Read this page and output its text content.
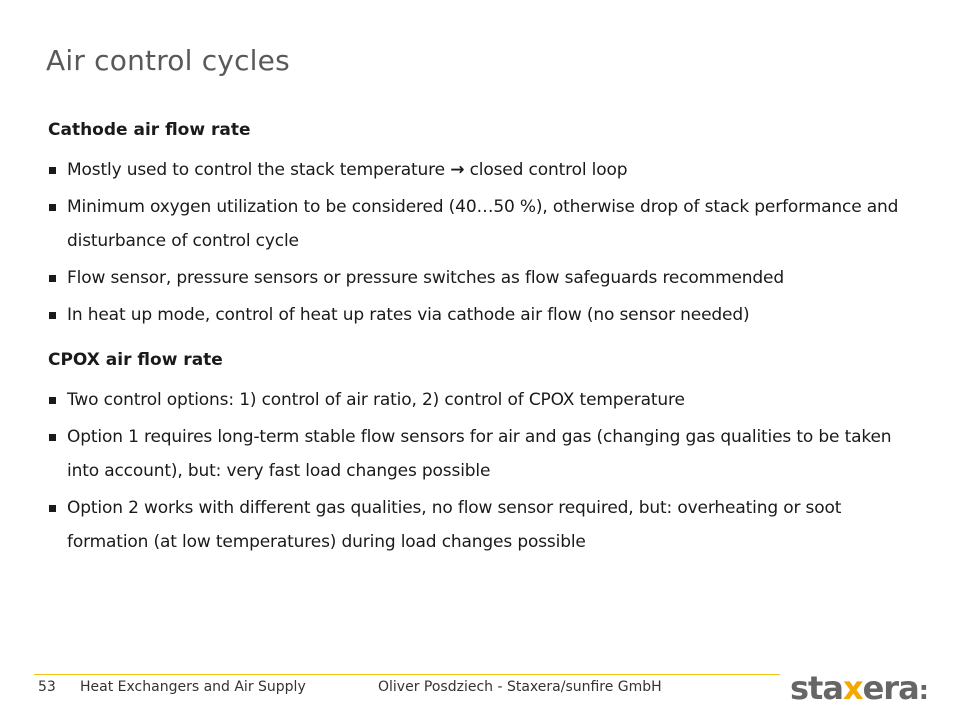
Air control cycles
Cathode air flow rate
Mostly used to control the stack temperature → closed control loop
Minimum oxygen utilization to be considered (40…50 %), otherwise drop of stack performance and disturbance of control cycle
Flow sensor, pressure sensors or pressure switches as flow safeguards recommended
In heat up mode, control of heat up rates via cathode air flow (no sensor needed)
CPOX air flow rate
Two control options: 1) control of air ratio, 2) control of CPOX temperature
Option 1 requires long-term stable flow sensors for air and gas (changing gas qualities to be taken into account), but: very fast load changes possible
Option 2 works with different gas qualities, no flow sensor required, but: overheating or soot formation (at low temperatures) during load changes possible
53 Heat Exchangers and Air Supply	Oliver Posdziech - Staxera/sunfire GmbH	staxera:
